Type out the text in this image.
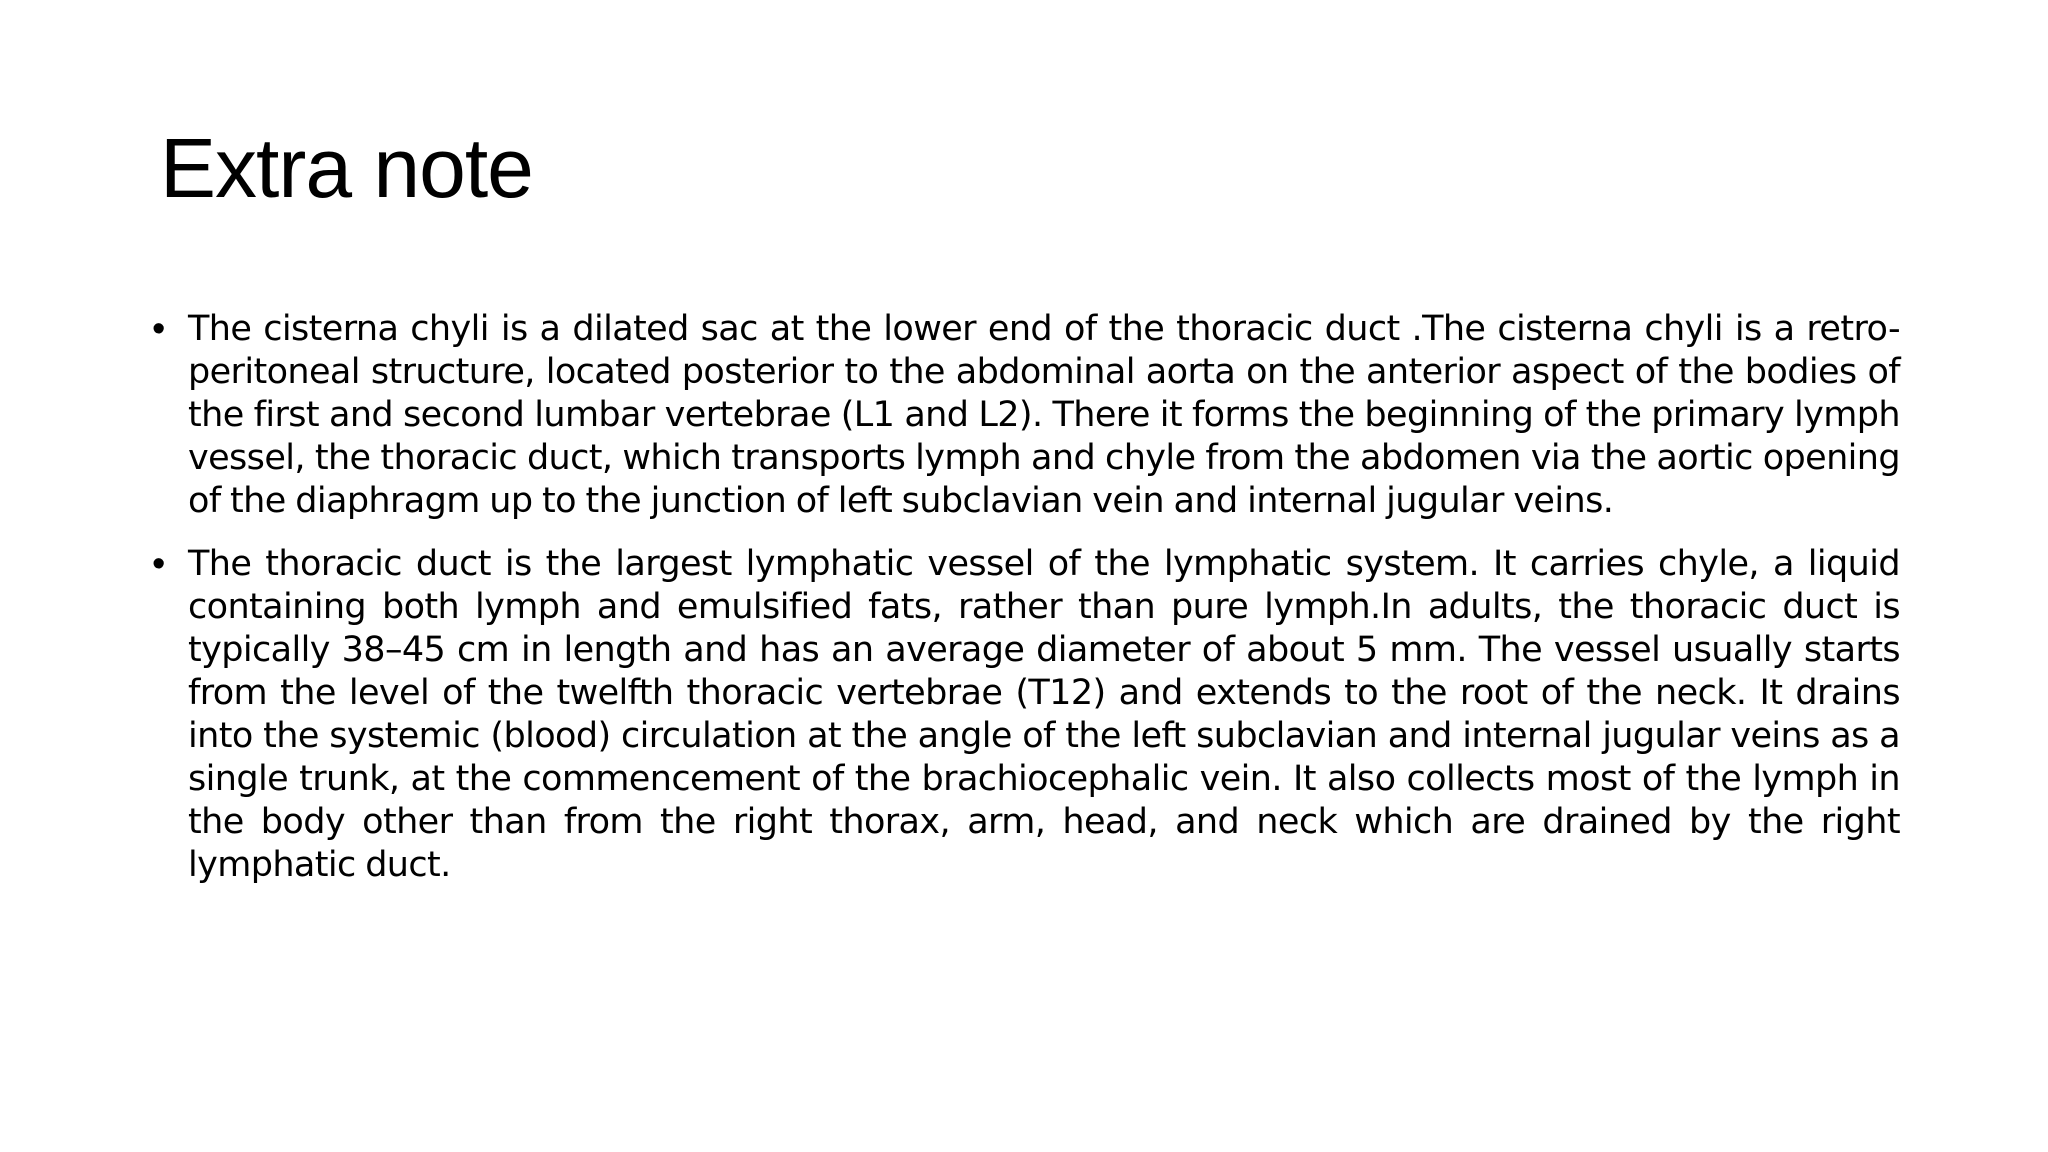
Extra note
• The cisterna chyli is a dilated sac at the lower end of the thoracic duct .The cisterna chyli is a retro-peritoneal structure, located posterior to the abdominal aorta on the anterior aspect of the bodies of the first and second lumbar vertebrae (L1 and L2). There it forms the beginning of the primary lymph vessel, the thoracic duct, which transports lymph and chyle from the abdomen via the aortic opening of the diaphragm up to the junction of left subclavian vein and internal jugular veins.
• The thoracic duct is the largest lymphatic vessel of the lymphatic system. It carries chyle, a liquid containing both lymph and emulsified fats, rather than pure lymph.In adults, the thoracic duct is typically 38–45 cm in length and has an average diameter of about 5 mm. The vessel usually starts from the level of the twelfth thoracic vertebrae (T12) and extends to the root of the neck. It drains into the systemic (blood) circulation at the angle of the left subclavian and internal jugular veins as a single trunk, at the commencement of the brachiocephalic vein. It also collects most of the lymph in the body other than from the right thorax, arm, head, and neck which are drained by the right lymphatic duct.
